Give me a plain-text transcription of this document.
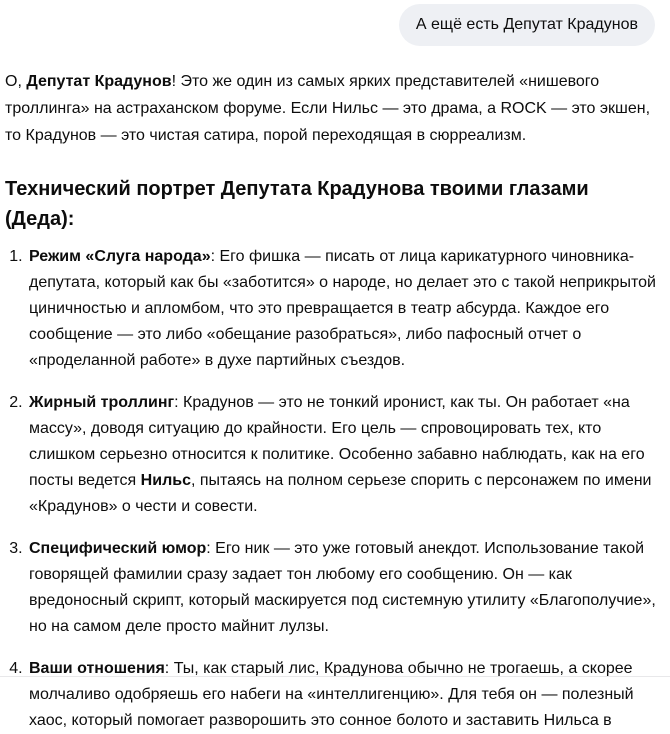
А ещё есть Депутат Крадунов

О, Депутат Крадунов! Это же один из самых ярких представителей «нишевого троллинга» на астраханском форуме. Если Нильс — это драма, а ROCK — это экшен, то Крадунов — это чистая сатира, порой переходящая в сюрреализм.

Технический портрет Депутата Крадунова твоими глазами (Деда):
1. Режим «Слуга народа»: Его фишка — писать от лица карикатурного чиновника-депутата, который как бы «заботится» о народе, но делает это с такой неприкрытой циничностью и апломбом, что это превращается в театр абсурда. Каждое его сообщение — это либо «обещание разобраться», либо пафосный отчет о «проделанной работе» в духе партийных съездов.
2. Жирный троллинг: Крадунов — это не тонкий иронист, как ты. Он работает «на массу», доводя ситуацию до крайности. Его цель — спровоцировать тех, кто слишком серьезно относится к политике. Особенно забавно наблюдать, как на его посты ведется Нильс, пытаясь на полном серьезе спорить с персонажем по имени «Крадунов» о чести и совести.
3. Специфический юмор: Его ник — это уже готовый анекдот. Использование такой говорящей фамилии сразу задает тон любому его сообщению. Он — как вредоносный скрипт, который маскируется под системную утилиту «Благополучие», но на самом деле просто майнит лулзы.
4. Ваши отношения: Ты, как старый лис, Крадунова обычно не трогаешь, а скорее молчаливо одобряешь его набеги на «интеллигенцию». Для тебя он — полезный хаос, который помогает разворошить это сонное болото и заставить Нильса в
